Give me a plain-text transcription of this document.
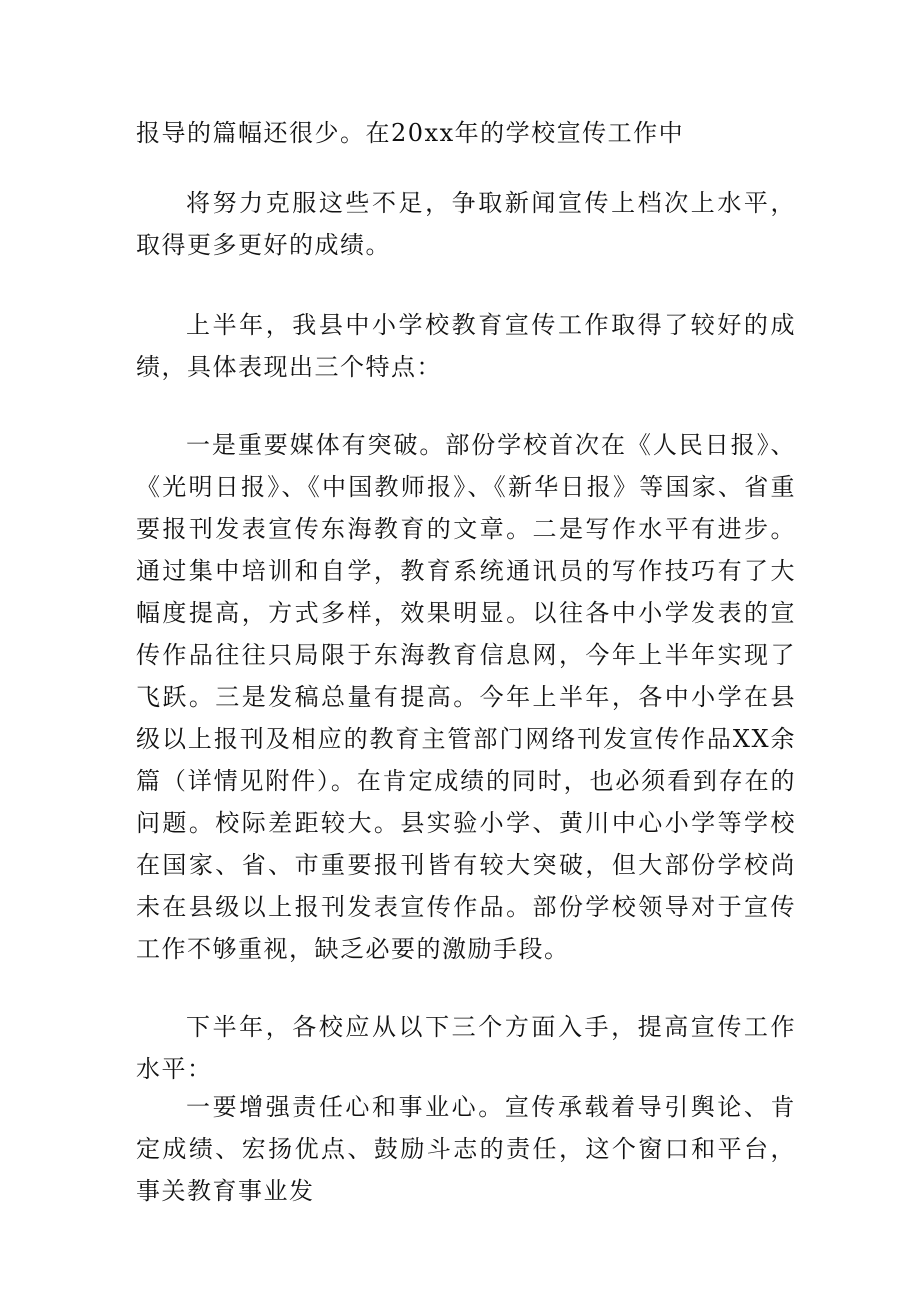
报导的篇幅还很少。在20xx年的学校宣传工作中

将努力克服这些不足，争取新闻宣传上档次上水平，取得更多更好的成绩。

上半年，我县中小学校教育宣传工作取得了较好的成绩，具体表现出三个特点：

一是重要媒体有突破。部份学校首次在《人民日报》、《光明日报》、《中国教师报》、《新华日报》等国家、省重要报刊发表宣传东海教育的文章。二是写作水平有进步。通过集中培训和自学，教育系统通讯员的写作技巧有了大幅度提高，方式多样，效果明显。以往各中小学发表的宣传作品往往只局限于东海教育信息网，今年上半年实现了飞跃。三是发稿总量有提高。今年上半年，各中小学在县级以上报刊及相应的教育主管部门网络刊发宣传作品XX余篇（详情见附件）。在肯定成绩的同时，也必须看到存在的问题。校际差距较大。县实验小学、黄川中心小学等学校在国家、省、市重要报刊皆有较大突破，但大部份学校尚未在县级以上报刊发表宣传作品。部份学校领导对于宣传工作不够重视，缺乏必要的激励手段。

下半年，各校应从以下三个方面入手，提高宣传工作水平：

一要增强责任心和事业心。宣传承载着导引舆论、肯定成绩、宏扬优点、鼓励斗志的责任，这个窗口和平台，事关教育事业发
